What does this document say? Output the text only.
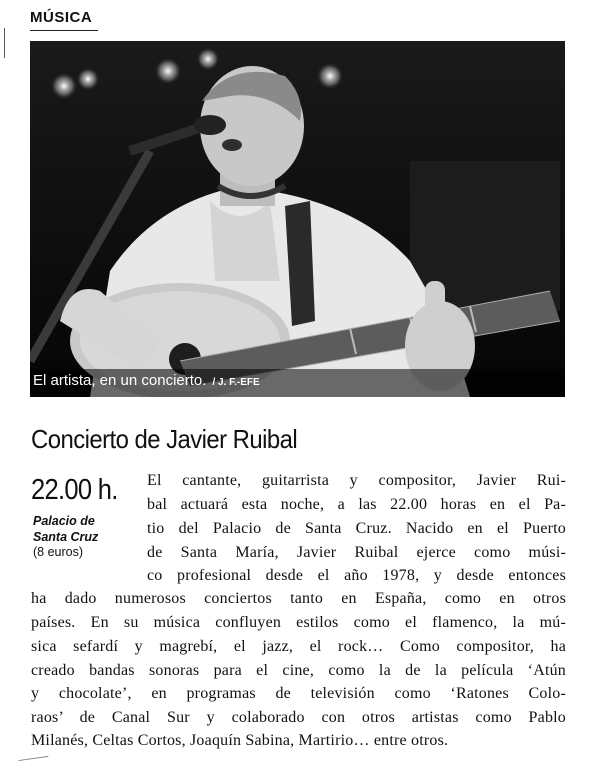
MÚSICA
El artista, en un concierto. / J. F.-EFE
Concierto de Javier Ruibal
22.00 h.
Palacio de
Santa Cruz
(8 euros)
El cantante, guitarrista y compositor, Javier Rui-
bal actuará esta noche, a las 22.00 horas en el Pa-
tio del Palacio de Santa Cruz. Nacido en el Puerto
de Santa María, Javier Ruibal ejerce como músi-
co profesional desde el año 1978, y desde entonces
ha dado numerosos conciertos tanto en España, como en otros
países. En su música confluyen estilos como el flamenco, la mú-
sica sefardí y magrebí, el jazz, el rock… Como compositor, ha
creado bandas sonoras para el cine, como la de la película ‘Atún
y chocolate’, en programas de televisión como ‘Ratones Colo-
raos’ de Canal Sur y colaborado con otros artistas como Pablo
Milanés, Celtas Cortos, Joaquín Sabina, Martirio… entre otros.
